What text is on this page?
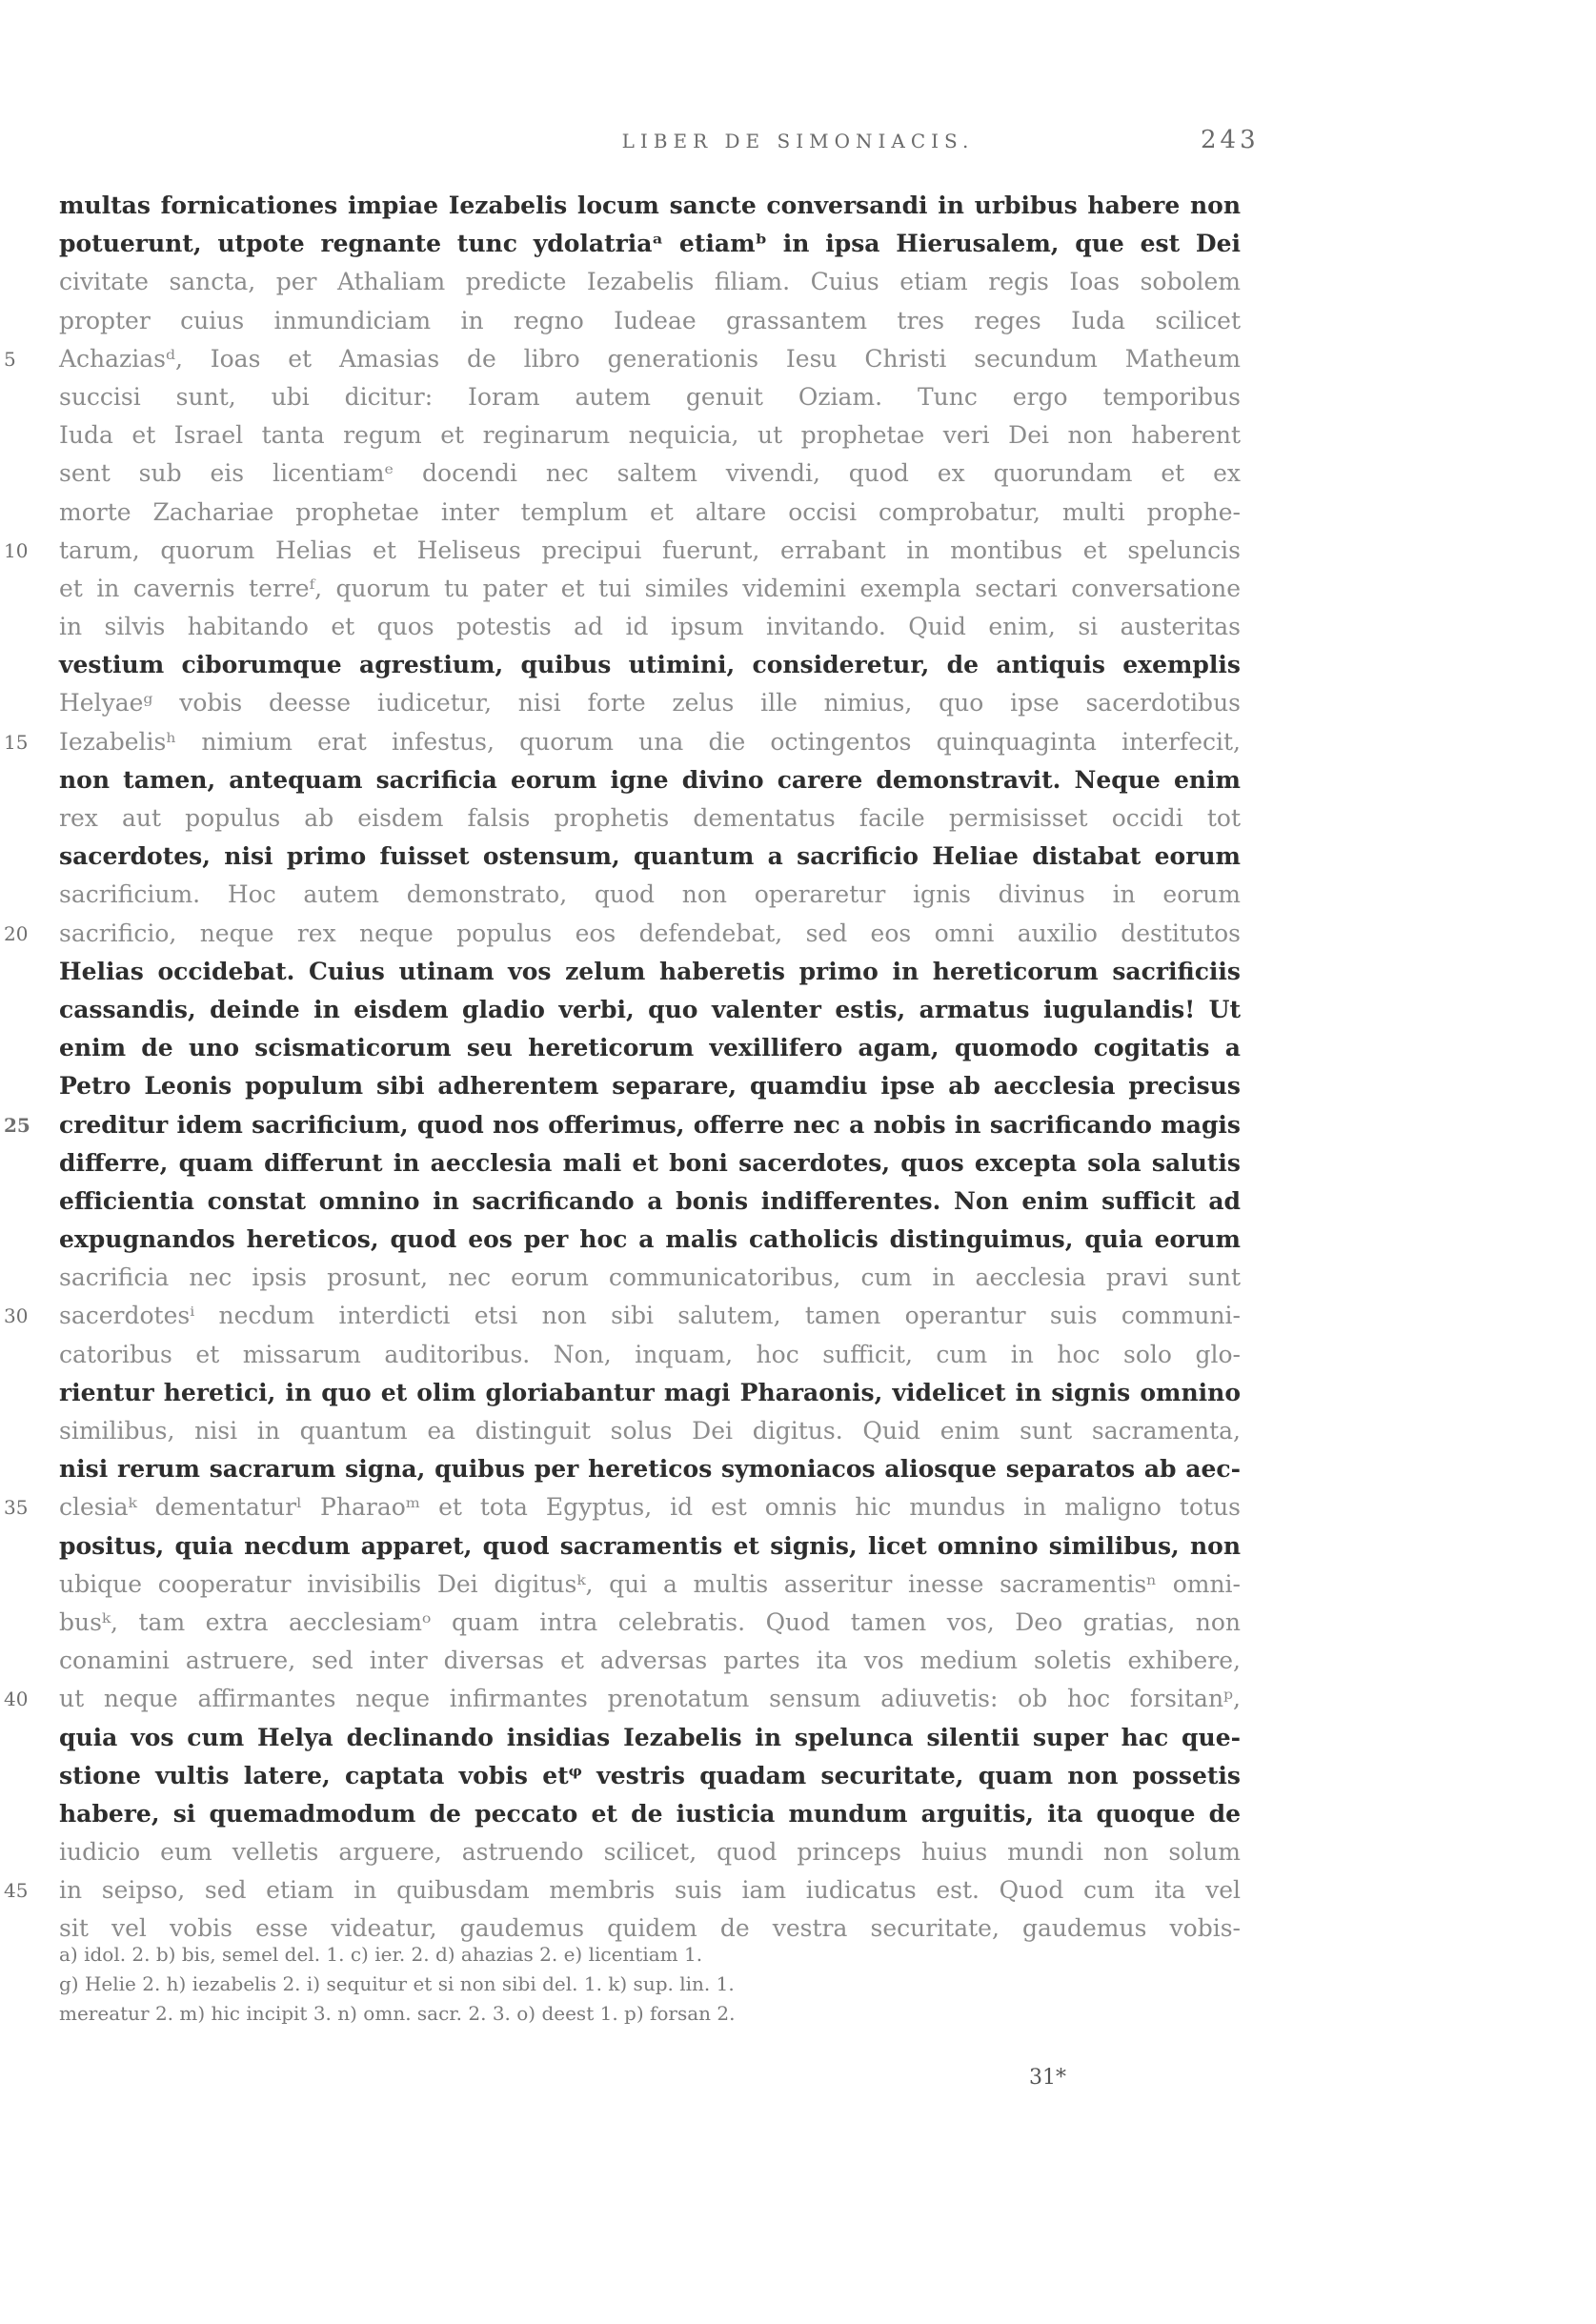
LIBER DE SIMONIACIS.	243
multas fornicationes impiae Iezabelis locum sancte conversandi in urbibus habere non
potuerunt, utpote regnante tunc ydolatriaᵃ etiamᵇ in ipsa Hierusalem, que est Dei
civitate sancta, per Athaliam predicte Iezabelis filiam. Cuius etiam regis Ioas sobolem
propter cuius inmundiciam in regno Iudeae grassantem tres reges Iuda scilicet
5	Achaziasᵈ, Ioas et Amasias de libro generationis Iesu Christi secundum Matheum
succisi sunt, ubi dicitur: Ioram autem genuit Oziam. Tunc ergo temporibus
Iuda et Israel tanta regum et reginarum nequicia, ut prophetae veri Dei non haberent
sent sub eis licentiamᵉ docendi nec saltem vivendi, quod ex quorundam et ex
morte Zachariae prophetae inter templum et altare occisi comprobatur, multi prophe-
10	tarum, quorum Helias et Heliseus precipui fuerunt, errabant in montibus et speluncis
et in cavernis terreᶠ, quorum tu pater et tui similes videmini exempla sectari conversatione
in silvis habitando et quos potestis ad id ipsum invitando. Quid enim, si austeritas
vestium ciborumque agrestium, quibus utimini, consideretur, de antiquis exemplis
Helyaeᵍ vobis deesse iudicetur, nisi forte zelus ille nimius, quo ipse sacerdotibus
15	Iezabelisʰ nimium erat infestus, quorum una die octingentos quinquaginta interfecit,
non tamen, antequam sacrificia eorum igne divino carere demonstravit. Neque enim
rex aut populus ab eisdem falsis prophetis dementatus facile permisisset occidi tot
sacerdotes, nisi primo fuisset ostensum, quantum a sacrificio Heliae distabat eorum
sacrificium. Hoc autem demonstrato, quod non operaretur ignis divinus in eorum
20	sacrificio, neque rex neque populus eos defendebat, sed eos omni auxilio destitutos
Helias occidebat. Cuius utinam vos zelum haberetis primo in hereticorum sacrificiis
cassandis, deinde in eisdem gladio verbi, quo valenter estis, armatus iugulandis! Ut
enim de uno scismaticorum seu hereticorum vexillifero agam, quomodo cogitatis a
Petro Leonis populum sibi adherentem separare, quamdiu ipse ab aecclesia precisus
25	creditur idem sacrificium, quod nos offerimus, offerre nec a nobis in sacrificando magis
differre, quam differunt in aecclesia mali et boni sacerdotes, quos excepta sola salutis
efficientia constat omnino in sacrificando a bonis indifferentes. Non enim sufficit ad
expugnandos hereticos, quod eos per hoc a malis catholicis distinguimus, quia eorum
sacrificia nec ipsis prosunt, nec eorum communicatoribus, cum in aecclesia pravi sunt
30	sacerdotesⁱ necdum interdicti etsi non sibi salutem, tamen operantur suis communi-
catoribus et missarum auditoribus. Non, inquam, hoc sufficit, cum in hoc solo glo-
rientur heretici, in quo et olim gloriabantur magi Pharaonis, videlicet in signis omnino
similibus, nisi in quantum ea distinguit solus Dei digitus. Quid enim sunt sacramenta,
nisi rerum sacrarum signa, quibus per hereticos symoniacos aliosque separatos ab aec-
35	clesiaᵏ dementaturˡ Pharaoᵐ et tota Egyptus, id est omnis hic mundus in maligno totus
positus, quia necdum apparet, quod sacramentis et signis, licet omnino similibus, non
ubique cooperatur invisibilis Dei digitusᵏ, qui a multis asseritur inesse sacramentisⁿ omni-
busᵏ, tam extra aecclesiamᵒ quam intra celebratis. Quod tamen vos, Deo gratias, non
conamini astruere, sed inter diversas et adversas partes ita vos medium soletis exhibere,
40	ut neque affirmantes neque infirmantes prenotatum sensum adiuvetis: ob hoc forsitanᵖ,
quia vos cum Helya declinando insidias Iezabelis in spelunca silentii super hac que-
stione vultis latere, captata vobis etᵠ vestris quadam securitate, quam non possetis
habere, si quemadmodum de peccato et de iusticia mundum arguitis, ita quoque de
iudicio eum velletis arguere, astruendo scilicet, quod princeps huius mundi non solum
45	in seipso, sed etiam in quibusdam membris suis iam iudicatus est. Quod cum ita vel
sit vel vobis esse videatur, gaudemus quidem de vestra securitate, gaudemus vobis-
a) idol. 2. b) bis, semel del. 1. c) ier. 2. d) ahazias 2. e) licentiam 1.
g) Helie 2. h) iezabelis 2. i) sequitur et si non sibi del. 1. k) sup. lin. 1.
mereatur 2. m) hic incipit 3. n) omn. sacr. 2. 3. o) deest 1. p) forsan 2.
31*
